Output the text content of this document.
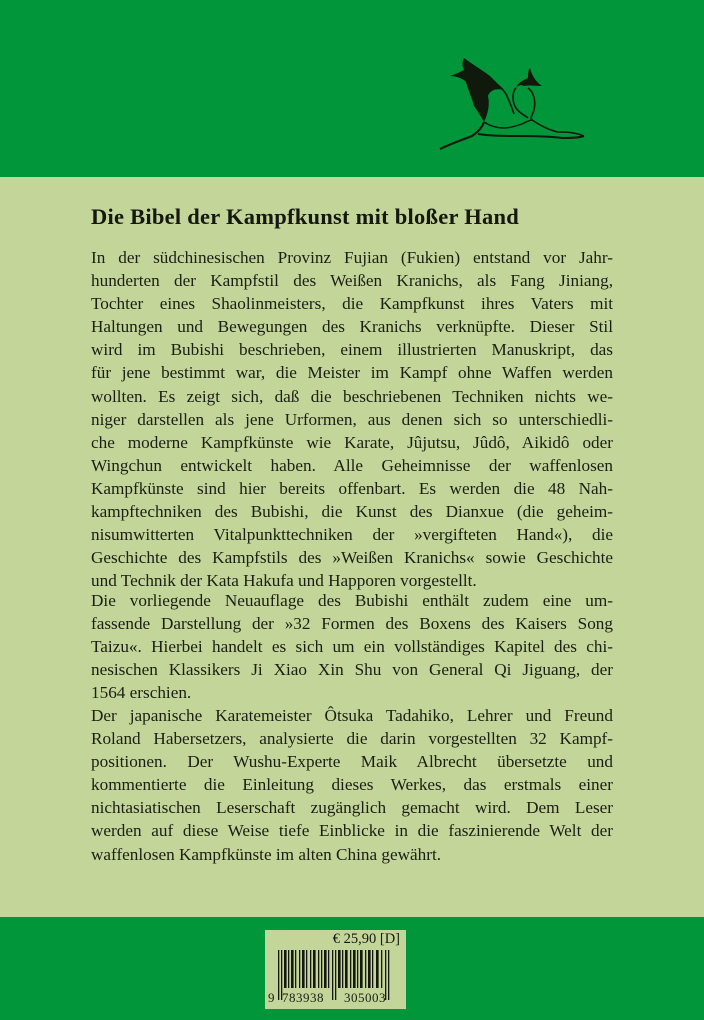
Die Bibel der Kampfkunst mit bloßer Hand
In der südchinesischen Provinz Fujian (Fukien) entstand vor Jahr-
hunderten der Kampfstil des Weißen Kranichs, als Fang Jiniang,
Tochter eines Shaolinmeisters, die Kampfkunst ihres Vaters mit
Haltungen und Bewegungen des Kranichs verknüpfte. Dieser Stil
wird im Bubishi beschrieben, einem illustrierten Manuskript, das
für jene bestimmt war, die Meister im Kampf ohne Waffen werden
wollten. Es zeigt sich, daß die beschriebenen Techniken nichts we-
niger darstellen als jene Urformen, aus denen sich so unterschiedli-
che moderne Kampfkünste wie Karate, Jûjutsu, Jûdô, Aikidô oder
Wingchun entwickelt haben. Alle Geheimnisse der waffenlosen
Kampfkünste sind hier bereits offenbart. Es werden die 48 Nah-
kampftechniken des Bubishi, die Kunst des Dianxue (die geheim-
nisumwitterten Vitalpunkttechniken der »vergifteten Hand«), die
Geschichte des Kampfstils des »Weißen Kranichs« sowie Geschichte
und Technik der Kata Hakufa und Happoren vorgestellt.
Die vorliegende Neuauflage des Bubishi enthält zudem eine um-
fassende Darstellung der »32 Formen des Boxens des Kaisers Song
Taizu«. Hierbei handelt es sich um ein vollständiges Kapitel des chi-
nesischen Klassikers Ji Xiao Xin Shu von General Qi Jiguang, der
1564 erschien.
Der japanische Karatemeister Ôtsuka Tadahiko, Lehrer und Freund
Roland Habersetzers, analysierte die darin vorgestellten 32 Kampf-
positionen. Der Wushu-Experte Maik Albrecht übersetzte und
kommentierte die Einleitung dieses Werkes, das erstmals einer
nichtasiatischen Leserschaft zugänglich gemacht wird. Dem Leser
werden auf diese Weise tiefe Einblicke in die faszinierende Welt der
waffenlosen Kampfkünste im alten China gewährt.
€ 25,90 [D]
9 783938 305003
